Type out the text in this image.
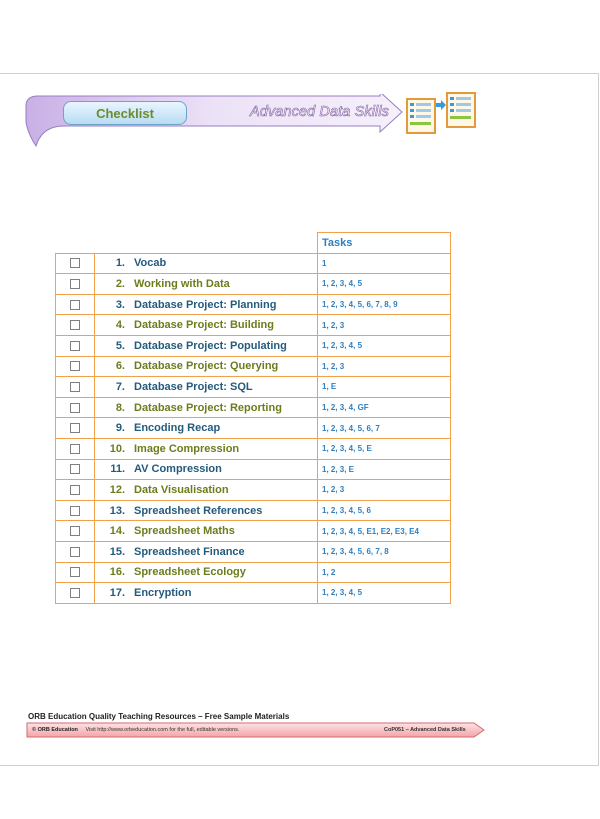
Checklist	Advanced Data Skills
		Tasks
	1. Vocab	1
	2. Working with Data	1, 2, 3, 4, 5
	3. Database Project: Planning	1, 2, 3, 4, 5, 6, 7, 8, 9
	4. Database Project: Building	1, 2, 3
	5. Database Project: Populating	1, 2, 3, 4, 5
	6. Database Project: Querying	1, 2, 3
	7. Database Project: SQL	1, E
	8. Database Project: Reporting	1, 2, 3, 4, GF
	9. Encoding Recap	1, 2, 3, 4, 5, 6, 7
	10. Image Compression	1, 2, 3, 4, 5, E
	11. AV Compression	1, 2, 3, E
	12. Data Visualisation	1, 2, 3
	13. Spreadsheet References	1, 2, 3, 4, 5, 6
	14. Spreadsheet Maths	1, 2, 3, 4, 5, E1, E2, E3, E4
	15. Spreadsheet Finance	1, 2, 3, 4, 5, 6, 7, 8
	16. Spreadsheet Ecology	1, 2
	17. Encryption	1, 2, 3, 4, 5
ORB Education Quality Teaching Resources – Free Sample Materials
© ORB Education Visit http://www.orbeducation.com for the full, editable versions.	CoP051 – Advanced Data Skills
